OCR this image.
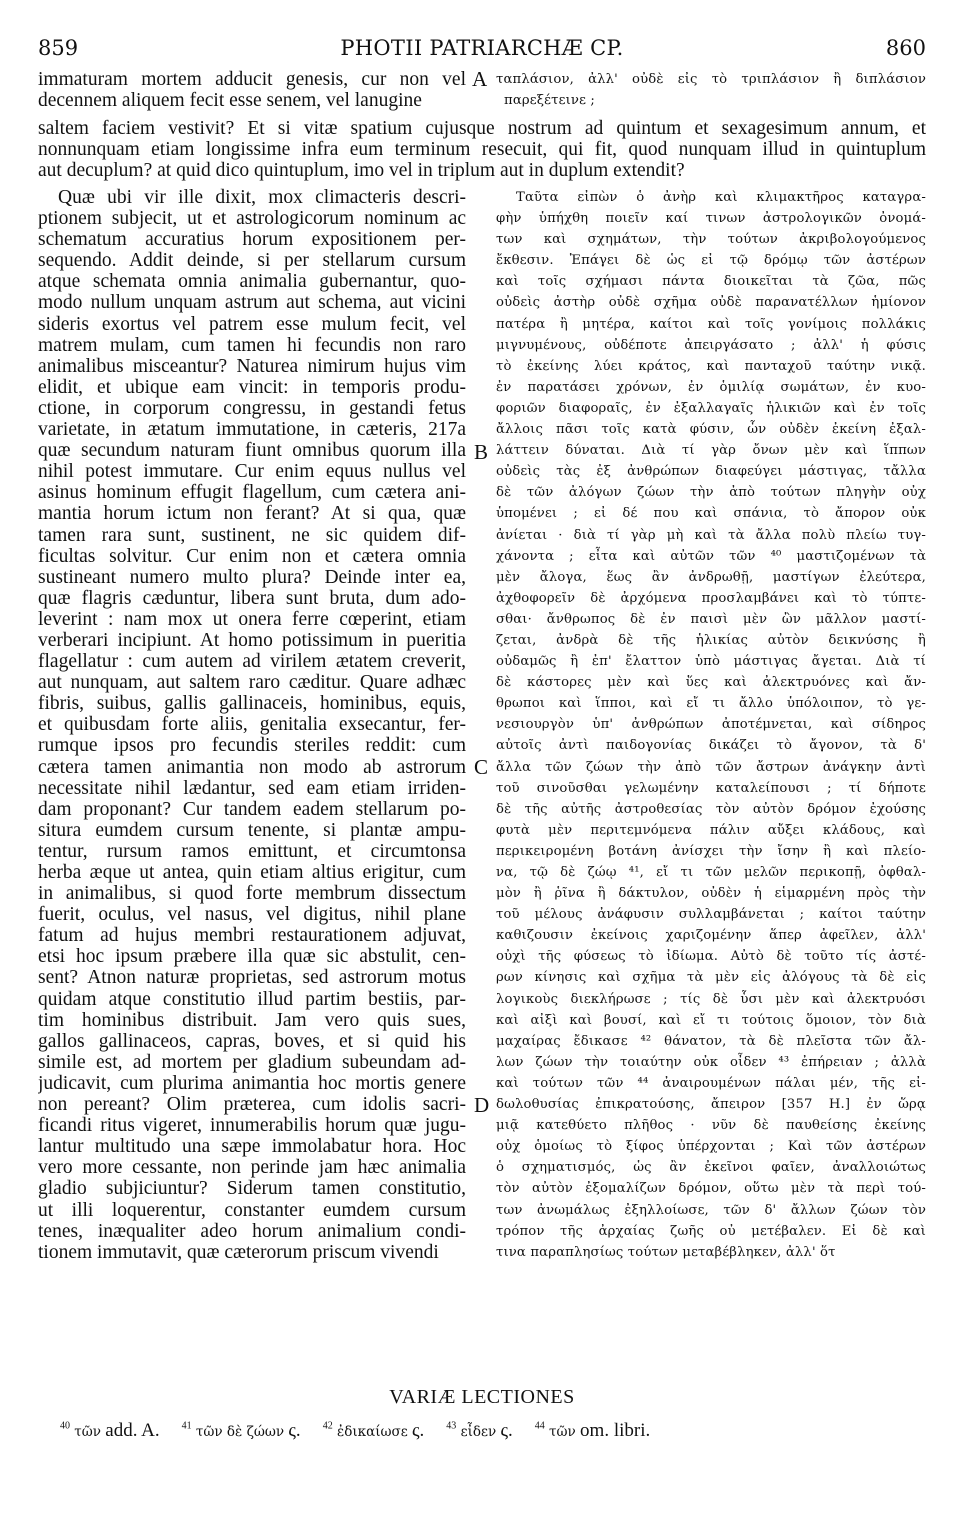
859	PHOTII PATRIARCHÆ CP.	860
immaturam mortem adducit genesis, cur non vel
decennem aliquem fecit esse senem, vel lanugine
ταπλάσιον, ἀλλ' οὐδὲ εἰς τὸ τριπλάσιον ἢ διπλάσιον
παρεξέτεινε ;
A
saltem faciem vestivit? Et si vitæ spatium cujusque nostrum ad quintum et sexagesimum annum, et
nonnunquam etiam longissime infra eum terminum resecuit, qui fit, quod nunquam illud in quintuplum
aut decuplum? at quid dico quintuplum, imo vel in triplum aut in duplum extendit?
Quæ ubi vir ille dixit, mox climacteris descri-
ptionem subjecit, ut et astrologicorum nominum ac
schematum accuratius horum expositionem per-
sequendo. Addit deinde, si per stellarum cursum
atque schemata omnia animalia gubernantur, quo-
modo nullum unquam astrum aut schema, aut vicini
sideris exortus vel patrem esse mulum fecit, vel
matrem mulam, cum tamen hi fecundis non raro
animalibus misceantur? Naturea nimirum hujus vim
elidit, et ubique eam vincit: in temporis produ-
ctione, in corporum congressu, in gestandi fetus
varietate, in ætatum immutatione, in cæteris, 217a
quæ secundum naturam fiunt omnibus quorum illa
nihil potest immutare. Cur enim equus nullus vel
asinus hominum effugit flagellum, cum cætera ani-
mantia horum ictum non ferant? At si qua, quæ
tamen rara sunt, sustinent, ne sic quidem dif-
ficultas solvitur. Cur enim non et cætera omnia
sustineant numero multo plura? Deinde inter ea,
quæ flagris cæduntur, libera sunt bruta, dum ado-
leverint : nam mox ut onera ferre cœperint, etiam
verberari incipiunt. At homo potissimum in pueritia
flagellatur : cum autem ad virilem ætatem creverit,
aut nunquam, aut saltem raro cæditur. Quare adhæc
fibris, suibus, gallis gallinaceis, hominibus, equis,
et quibusdam forte aliis, genitalia exsecantur, fer-
rumque ipsos pro fecundis steriles reddit: cum
cætera tamen animantia non modo ab astrorum
necessitate nihil lædantur, sed eam etiam irriden-
dam proponant? Cur tandem eadem stellarum po-
situra eumdem cursum tenente, si plantæ ampu-
tentur, rursum ramos emittunt, et circumtonsa
herba æque ut antea, quin etiam altius erigitur, cum
in animalibus, si quod forte membrum dissectum
fuerit, oculus, vel nasus, vel digitus, nihil plane
fatum ad hujus membri restaurationem adjuvat,
etsi hoc ipsum præbere illa quæ sic abstulit, cen-
sent? Atnon naturæ proprietas, sed astrorum motus
quidam atque constitutio illud partim bestiis, par-
tim hominibus distribuit. Jam vero quis sues,
gallos gallinaceos, capras, boves, et si quid his
simile est, ad mortem per gladium subeundam ad-
judicavit, cum plurima animantia hoc mortis genere
non pereant? Olim præterea, cum idolis sacri-
ficandi ritus vigeret, innumerabilis horum quæ jugu-
lantur multitudo una sæpe immolabatur hora. Hoc
vero more cessante, non perinde jam hæc animalia
gladio subjiciuntur? Siderum tamen constitutio,
ut illi loquerentur, constanter eumdem cursum
tenes, inæqualiter adeo horum animalium condi-
tionem immutavit, quæ cæterorum priscum vivendi
Ταῦτα εἰπὼν ὁ ἀνὴρ καὶ κλιμακτῆρος καταγρα-
φὴν ὑπήχθη ποιεῖν καί τινων ἀστρολογικῶν ὀνομά-
των καὶ σχημάτων, τὴν τούτων ἀκριβολογούμενος
ἔκθεσιν. Ἐπάγει δὲ ὡς εἰ τῷ δρόμῳ τῶν ἀστέρων
καὶ τοῖς σχήμασι πάντα διοικεῖται τὰ ζῶα, πῶς
οὐδεὶς ἀστὴρ οὐδὲ σχῆμα οὐδὲ παρανατέλλων ἡμίονον
πατέρα ἢ μητέρα, καίτοι καὶ τοῖς γονίμοις πολλάκις
μιγνυμένους, οὐδέποτε ἀπειργάσατο ; ἀλλ' ἡ φύσις
τὸ ἐκείνης λύει κράτος, καὶ πανταχοῦ ταύτην νικᾷ.
ἐν παρατάσει χρόνων, ἐν ὁμιλίᾳ σωμάτων, ἐν κυο-
φοριῶν διαφοραῖς, ἐν ἐξαλλαγαῖς ἡλικιῶν καὶ ἐν τοῖς
ἄλλοις πᾶσι τοῖς κατὰ φύσιν, ὧν οὐδὲν ἐκείνη ἐξαλ-
λάττειν δύναται. Διὰ τί γὰρ ὄνων μὲν καὶ ἵππων
οὐδεὶς τὰς ἐξ ἀνθρώπων διαφεύγει μάστιγας, τἄλλα
δὲ τῶν ἀλόγων ζώων τὴν ἀπὸ τούτων πληγὴν οὐχ
ὑπομένει ; εἰ δέ που καὶ σπάνια, τὸ ἄπορον οὐκ
ἀνίεται · διὰ τί γὰρ μὴ καὶ τὰ ἄλλα πολὺ πλείω τυγ-
χάνοντα ; εἶτα καὶ αὐτῶν τῶν ⁴⁰ μαστιζομένων τὰ
μὲν ἄλογα, ἕως ἂν ἀνδρωθῇ, μαστίγων ἐλεύτερα,
ἀχθοφορεῖν δὲ ἀρχόμενα προσλαμβάνει καὶ τὸ τύπτε-
σθαι· ἄνθρωπος δὲ ἐν παισὶ μὲν ὢν μᾶλλον μαστί-
ζεται, ἀνδρὰ δὲ τῆς ἡλικίας αὐτὸν δεικνύσης ἢ
οὐδαμῶς ἢ ἐπ' ἔλαττον ὑπὸ μάστιγας ἄγεται. Διὰ τί
δὲ κάστορες μὲν καὶ ὕες καὶ ἀλεκτρυόνες καὶ ἄν-
θρωποι καὶ ἵπποι, καὶ εἴ τι ἄλλο ὑπόλοιπον, τὸ γε-
νεσιουργὸν ὑπ' ἀνθρώπων ἀποτέμνεται, καὶ σίδηρος
αὐτοῖς ἀντὶ παιδογονίας δικάζει τὸ ἄγονον, τὰ δ'
ἄλλα τῶν ζώων τὴν ἀπὸ τῶν ἄστρων ἀνάγκην ἀντὶ
τοῦ σινοῦσθαι γελωμένην καταλείπουσι ; τί δήποτε
δὲ τῆς αὐτῆς ἀστροθεσίας τὸν αὐτὸν δρόμον ἐχούσης
φυτὰ μὲν περιτεμνόμενα πάλιν αὔξει κλάδους, καὶ
περικειρομένη βοτάνη ἀνίσχει τὴν ἴσην ἢ καὶ πλείο-
να, τῷ δὲ ζώῳ ⁴¹, εἴ τι τῶν μελῶν περικοπῇ, ὀφθαλ-
μὸν ἢ ῥῖνα ἢ δάκτυλον, οὐδὲν ἡ εἱμαρμένη πρὸς τὴν
τοῦ μέλους ἀνάφυσιν συλλαμβάνεται ; καίτοι ταύτην
καθιζουσιν ἐκείνοις χαριζομένην ἅπερ ἀφεῖλεν, ἀλλ'
οὐχὶ τῆς φύσεως τὸ ἰδίωμα. Αὐτὸ δὲ τοῦτο τίς ἀστέ-
ρων κίνησις καὶ σχῆμα τὰ μὲν εἰς ἀλόγους τὰ δὲ εἰς
λογικοὺς διεκλήρωσε ; τίς δὲ ὗσι μὲν καὶ ἀλεκτρυόσι
καὶ αἰξὶ καὶ βουσί, καὶ εἴ τι τούτοις ὅμοιον, τὸν διὰ
μαχαίρας ἔδικασε ⁴² θάνατον, τὰ δὲ πλεῖστα τῶν ἄλ-
λων ζώων τὴν τοιαύτην οὐκ οἶδεν ⁴³ ἐπήρειαν ; ἀλλὰ
καὶ τούτων τῶν ⁴⁴ ἀναιρουμένων πάλαι μέν, τῆς εἰ-
δωλοθυσίας ἐπικρατούσης, ἄπειρον [357 H.] ἐν ὥρᾳ
μιᾷ κατεθύετο πλῆθος · νῦν δὲ παυθείσης ἐκείνης
οὐχ ὁμοίως τὸ ξίφος ὑπέρχονται ; Καὶ τῶν ἀστέρων
ὁ σχηματισμός, ὡς ἂν ἐκεῖνοι φαῖεν, ἀναλλοιώτως
τὸν αὐτὸν ἐξομαλίζων δρόμον, οὕτω μὲν τὰ περὶ τού-
των ἀνωμάλως ἐξηλλοίωσε, τῶν δ' ἄλλων ζώων τὸν
τρόπον τῆς ἀρχαίας ζωῆς οὐ μετέβαλεν. Εἰ δὲ καὶ
τινα παραπλησίως τούτων μεταβέβληκεν, ἀλλ' ὅτ
B
C
D
VARIÆ LECTIONES
$^{40}$ τῶν add. A. $^{41}$ τῶν δὲ ζώων ς. $^{42}$ ἐδικαίωσε ς. $^{43}$ εἶδεν ς. $^{44}$ τῶν om. libri.
